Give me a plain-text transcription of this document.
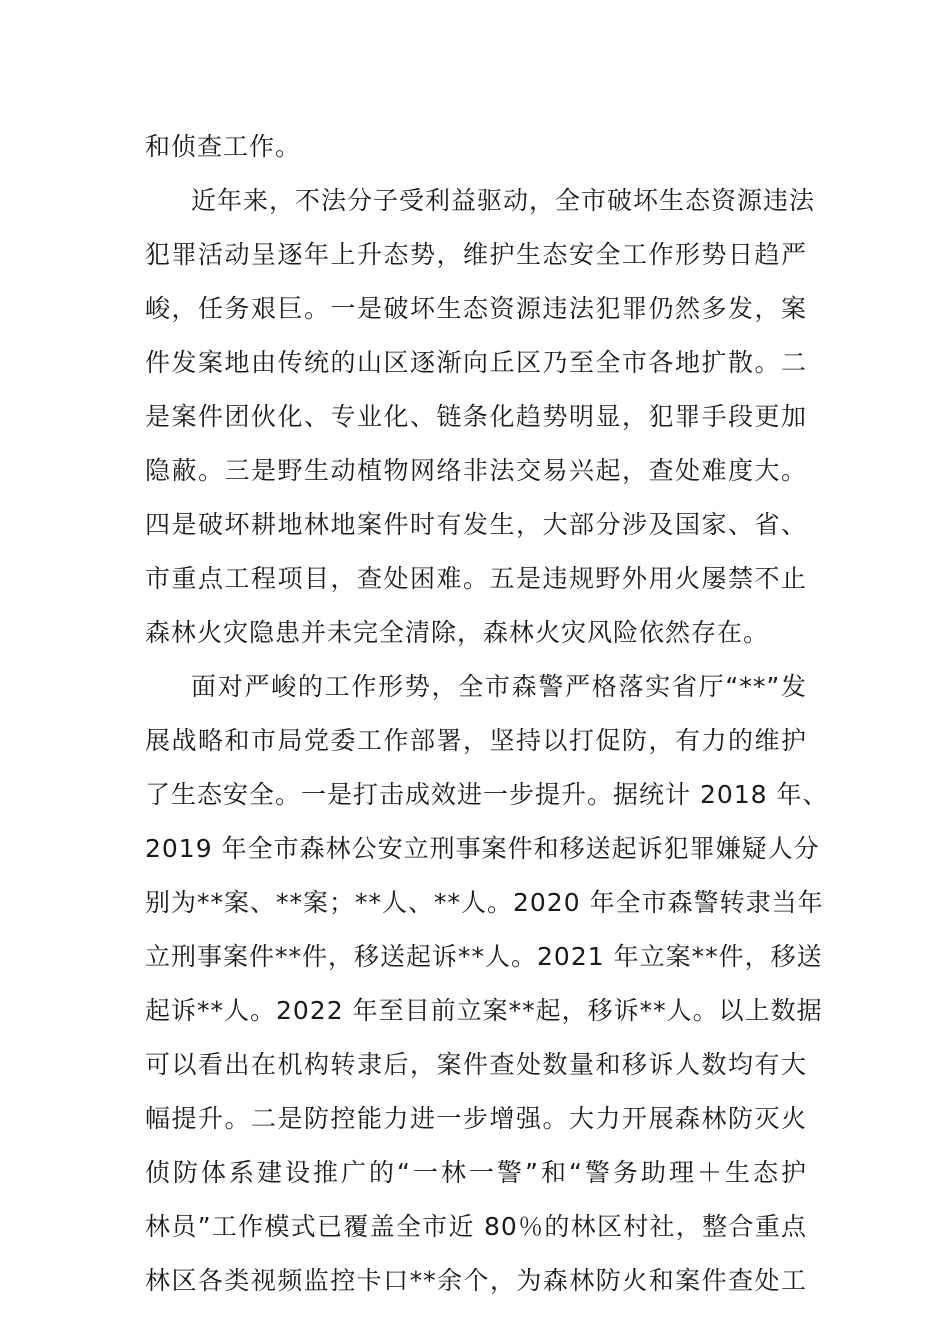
和侦查工作。
近年来，不法分子受利益驱动，全市破坏生态资源违法
犯罪活动呈逐年上升态势，维护生态安全工作形势日趋严
峻，任务艰巨。一是破坏生态资源违法犯罪仍然多发，案
件发案地由传统的山区逐渐向丘区乃至全市各地扩散。二
是案件团伙化、专业化、链条化趋势明显，犯罪手段更加
隐蔽。三是野生动植物网络非法交易兴起，查处难度大。
四是破坏耕地林地案件时有发生，大部分涉及国家、省、
市重点工程项目，查处困难。五是违规野外用火屡禁不止
森林火灾隐患并未完全清除，森林火灾风险依然存在。
面对严峻的工作形势，全市森警严格落实省厅“**”发
展战略和市局党委工作部署，坚持以打促防，有力的维护
了生态安全。一是打击成效进一步提升。据统计 2018 年、
2019 年全市森林公安立刑事案件和移送起诉犯罪嫌疑人分
别为**案、**案；**人、**人。2020 年全市森警转隶当年
立刑事案件**件，移送起诉**人。2021 年立案**件，移送
起诉**人。2022 年至目前立案**起，移诉**人。以上数据
可以看出在机构转隶后，案件查处数量和移诉人数均有大
幅提升。二是防控能力进一步增强。大力开展森林防灭火
侦防体系建设推广的“一林一警”和“警务助理＋生态护
林员”工作模式已覆盖全市近 80％的林区村社，整合重点
林区各类视频监控卡口**余个，为森林防火和案件查处工
